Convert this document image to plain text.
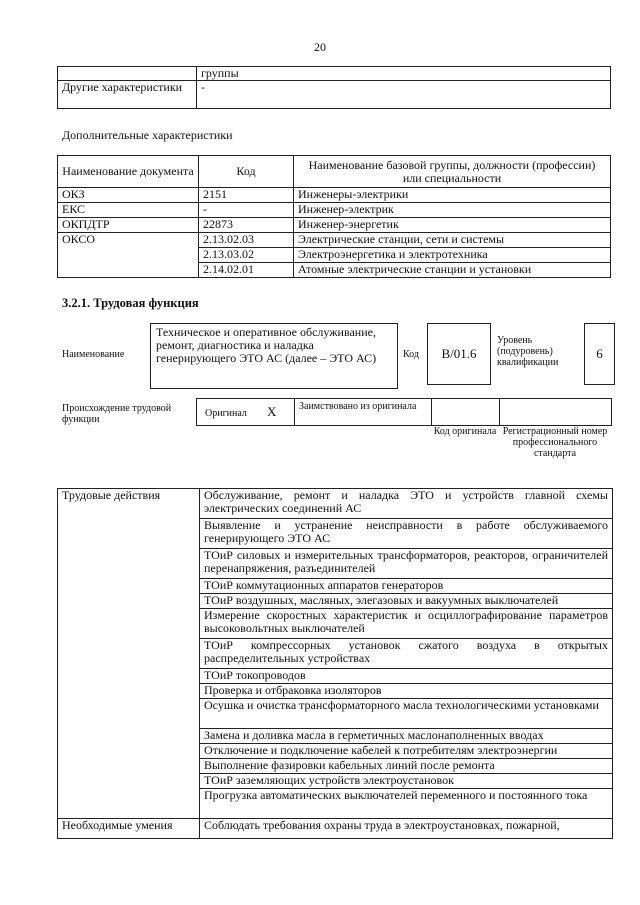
20
	группы
Другие характеристики	-
Дополнительные характеристики
Наименование документа	Код	Наименование базовой группы, должности (профессии) или специальности
ОКЗ	2151	Инженеры-электрики
ЕКС	-	Инженер-электрик
ОКПДТР	22873	Инженер-энергетик
ОКСО	2.13.02.03	Электрические станции, сети и системы
	2.13.03.02	Электроэнергетика и электротехника
	2.14.02.01	Атомные электрические станции и установки
3.2.1. Трудовая функция
Наименование
Техническое и оперативное обслуживание, ремонт, диагностика и наладка генерирующего ЭТО АС (далее – ЭТО АС)	Код	B/01.6
Уровень (подуровень) квалификации
6
Происхождение трудовой функции
Оригинал X Заимствовано из оригинала
Код оригинала Регистрационный номер профессионального стандарта
Трудовые действия	Обслуживание, ремонт и наладка ЭТО и устройств главной схемы электрических соединений АС
	Выявление и устранение неисправности в работе обслуживаемого генерирующего ЭТО АС
	ТОиР силовых и измерительных трансформаторов, реакторов, ограничителей перенапряжения, разъединителей
	ТОиР коммутационных аппаратов генераторов
	ТОиР воздушных, масляных, элегазовых и вакуумных выключателей
	Измерение скоростных характеристик и осциллографирование параметров высоковольтных выключателей
	ТОиР компрессорных установок сжатого воздуха в открытых распределительных устройствах
	ТОиР токопроводов
	Проверка и отбраковка изоляторов
	Осушка и очистка трансформаторного масла технологическими установками
	Замена и доливка масла в герметичных маслонаполненных вводах
	Отключение и подключение кабелей к потребителям электроэнергии
	Выполнение фазировки кабельных линий после ремонта
	ТОиР заземляющих устройств электроустановок
	Прогрузка автоматических выключателей переменного и постоянного тока
Необходимые умения	Соблюдать требования охраны труда в электроустановках, пожарной,
